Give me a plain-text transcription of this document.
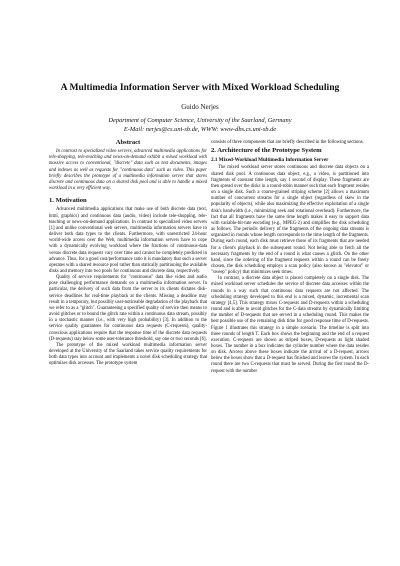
A Multimedia Information Server with Mixed Workload Scheduling
Guido Nerjes
Department of Computer Science, University of the Saarland, Germany
E-Mail: nerjes@cs.uni-sb.de, WWW: www-dbs.cs.uni-sb.de
Abstract

In contrast to specialized video servers, advanced multimedia applications for tele-shopping, tele-teaching and news-on-demand exhibit a mixed workload with massive access to conventional, "discrete" data such as text documents, images and indexes as well as requests for "continuous data" such as video. This paper briefly describes the prototype of a multimedia information server that stores discrete and continuous data on a shared disk pool and is able to handle a mixed workload in a very efficient way.

1. Motivation

Advanced multimedia applications that make use of both discrete data (text, html, graphics) and continuous data (audio, video) include tele-shopping, tele-teaching or news-on-demand applications. In contrast to specialized video servers [1] and unlike conventional web servers, multimedia information servers have to deliver both data types to the clients. Furthermore, with unrestricted 24-hour world-wide access over the Web, multimedia information servers have to cope with a dynamically evolving workload where the fractions of continuous-data versus discrete data requests vary over time and cannot be completely predicted in advance. Thus, for a good cost/performance ratio it is mandatory that such a server operates with a shared resource pool rather than statically partitioning the available disks and memory into two pools for continuous and discrete data, respectively.

Quality of service requirements for "continuous" data like video and audio pose challenging performance demands on a multimedia information server. In particular, the delivery of such data from the server to its clients dictates disk-service deadlines for real-time playback at the clients. Missing a deadline may result in a temporary, but possibly user-noticeable degradation of the playback that we refer to as a "glitch". Guaranteeing a specified quality of service then means to avoid glitches or to bound the glitch rate within a continuous data stream, possibly in a stochastic manner (i.e., with very high probability) [3]. In addition to the service quality guarantees for continuous data requests (C-requests), quality-conscious applications require that the response time of the discrete data requests (D-requests) stay below some user-tolerance threshold, say one or two seconds [6].

The prototype of the mixed workload multimedia information server developed at the University of the Saarland takes service quality requirements for both data types into account and implements a novel disk scheduling strategy that optimizes disk accesses. The prototype system

consists of three components that are briefly described in the following sections.

2. Architecture of the Prototype System
2.1 Mixed-Workload Multimedia Information Server

The mixed workload server stores continuous and discrete data objects on a shared disk pool. A continuous data object, e.g., a video, is partitioned into fragments of constant time length, say 1 second of display. These fragments are then spread over the disks in a round-robin manner such that each fragment resides on a single disk. Such a coarse-grained striping scheme [2] allows a maximum number of concurrent streams for a single object (regardless of skew in the popularity of objects), while also maximizing the effective exploitation of a single disk's bandwidth (i.e., minimizing seek and rotational overhead). Furthermore, the fact that all fragments have the same time length makes it easy to support data with variable-bit-rate encoding (e.g., MPEG-2) and simplifies the disk scheduling as follows. The periodic delivery of the fragments of the ongoing data streams is organized in rounds whose length corresponds to the time length of the fragments. During each round, each disk must retrieve those of its fragments that are needed for a client's playback in the subsequent round. Not being able to fetch all the necessary fragments by the end of a round is what causes a glitch. On the other hand, since the ordering of the fragment requests within a round can be freely chosen, the disk scheduling employs a scan policy (also known as "elevator" or "sweep" policy) that minimizes seek times.

In contrast, a discrete data object is placed completely on a single disk. The mixed workload server schedules the service of discrete data accesses within the rounds in a way such that continuous data requests are not affected. The scheduling strategy developed to this end is a mixed, dynamic, incremental scan strategy [4,5]. This strategy mixes C-requests and D-requests within a scheduling round and is able to avoid glitches for the C-data streams by dynamically limiting the number of D-requests that are served in a scheduling round. This makes the best possible use of the remaining disk time for good response time of D-requests. Figure 1 illustrates this strategy in a simple scenario. The timeline is split into three rounds of length T. Each box shows the beginning and the end of a request execution. C-requests are shown as striped boxes, D-requests as light shaded boxes. The number in a box indicates the cylinder number where the data resides on disk. Arrows above these boxes indicate the arrival of a D-request, arrows below the boxes show that a D-request has finished and leaves the system. In each round there are two C-requests that must be served. During the first round the D-request with the number
